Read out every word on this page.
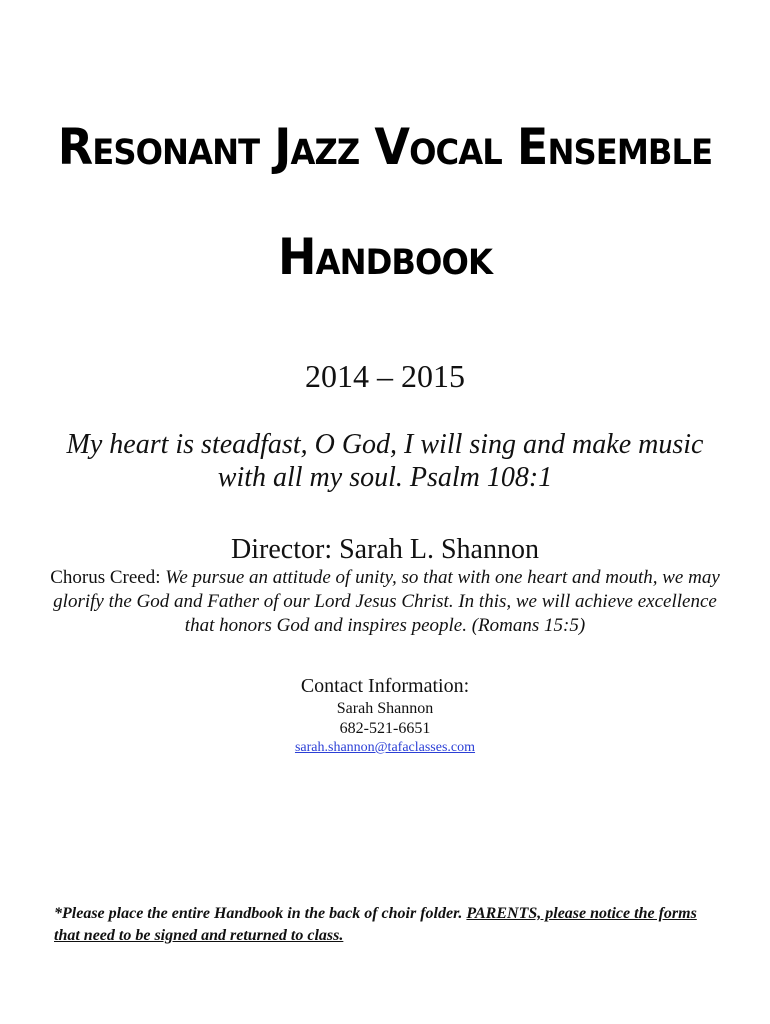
Resonant Jazz Vocal Ensemble
Handbook
2014 – 2015
My heart is steadfast, O God, I will sing and make music with all my soul. Psalm 108:1
Director: Sarah L. Shannon
Chorus Creed: We pursue an attitude of unity, so that with one heart and mouth, we may glorify the God and Father of our Lord Jesus Christ. In this, we will achieve excellence that honors God and inspires people. (Romans 15:5)
Contact Information:
Sarah Shannon
682-521-6651
sarah.shannon@tafaclasses.com
*Please place the entire Handbook in the back of choir folder. PARENTS, please notice the forms that need to be signed and returned to class.
